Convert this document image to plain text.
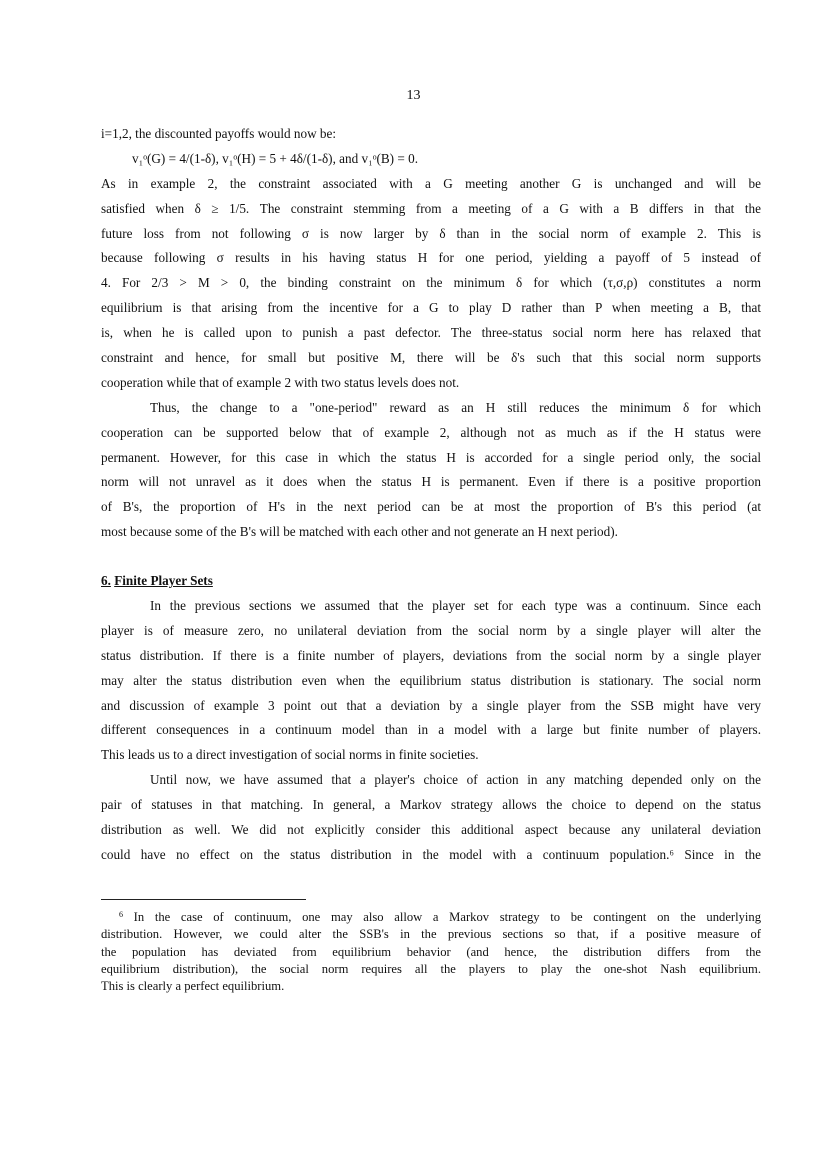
13
i=1,2, the discounted payoffs would now be:
v₁ᵒ(G) = 4/(1-δ), v₁ᵒ(H) = 5 + 4δ/(1-δ), and v₁ᵒ(B) = 0.
As in example 2, the constraint associated with a G meeting another G is unchanged and will be
satisfied when δ ≥ 1/5. The constraint stemming from a meeting of a G with a B differs in that the
future loss from not following σ is now larger by δ than in the social norm of example 2. This is
because following σ results in his having status H for one period, yielding a payoff of 5 instead of
4. For 2/3 > M > 0, the binding constraint on the minimum δ for which (τ,σ,ρ) constitutes a norm
equilibrium is that arising from the incentive for a G to play D rather than P when meeting a B, that
is, when he is called upon to punish a past defector. The three-status social norm here has relaxed that
constraint and hence, for small but positive M, there will be δ's such that this social norm supports
cooperation while that of example 2 with two status levels does not.
Thus, the change to a "one-period" reward as an H still reduces the minimum δ for which
cooperation can be supported below that of example 2, although not as much as if the H status were
permanent. However, for this case in which the status H is accorded for a single period only, the social
norm will not unravel as it does when the status H is permanent. Even if there is a positive proportion
of B's, the proportion of H's in the next period can be at most the proportion of B's this period (at
most because some of the B's will be matched with each other and not generate an H next period).
6. Finite Player Sets
In the previous sections we assumed that the player set for each type was a continuum. Since each
player is of measure zero, no unilateral deviation from the social norm by a single player will alter the
status distribution. If there is a finite number of players, deviations from the social norm by a single player
may alter the status distribution even when the equilibrium status distribution is stationary. The social norm
and discussion of example 3 point out that a deviation by a single player from the SSB might have very
different consequences in a continuum model than in a model with a large but finite number of players.
This leads us to a direct investigation of social norms in finite societies.
Until now, we have assumed that a player's choice of action in any matching depended only on the
pair of statuses in that matching. In general, a Markov strategy allows the choice to depend on the status
distribution as well. We did not explicitly consider this additional aspect because any unilateral deviation
could have no effect on the status distribution in the model with a continuum population.⁶ Since in the
$^6$ In the case of continuum, one may also allow a Markov strategy to be contingent on the underlying
distribution. However, we could alter the SSB's in the previous sections so that, if a positive measure of
the population has deviated from equilibrium behavior (and hence, the distribution differs from the
equilibrium distribution), the social norm requires all the players to play the one-shot Nash equilibrium.
This is clearly a perfect equilibrium.
